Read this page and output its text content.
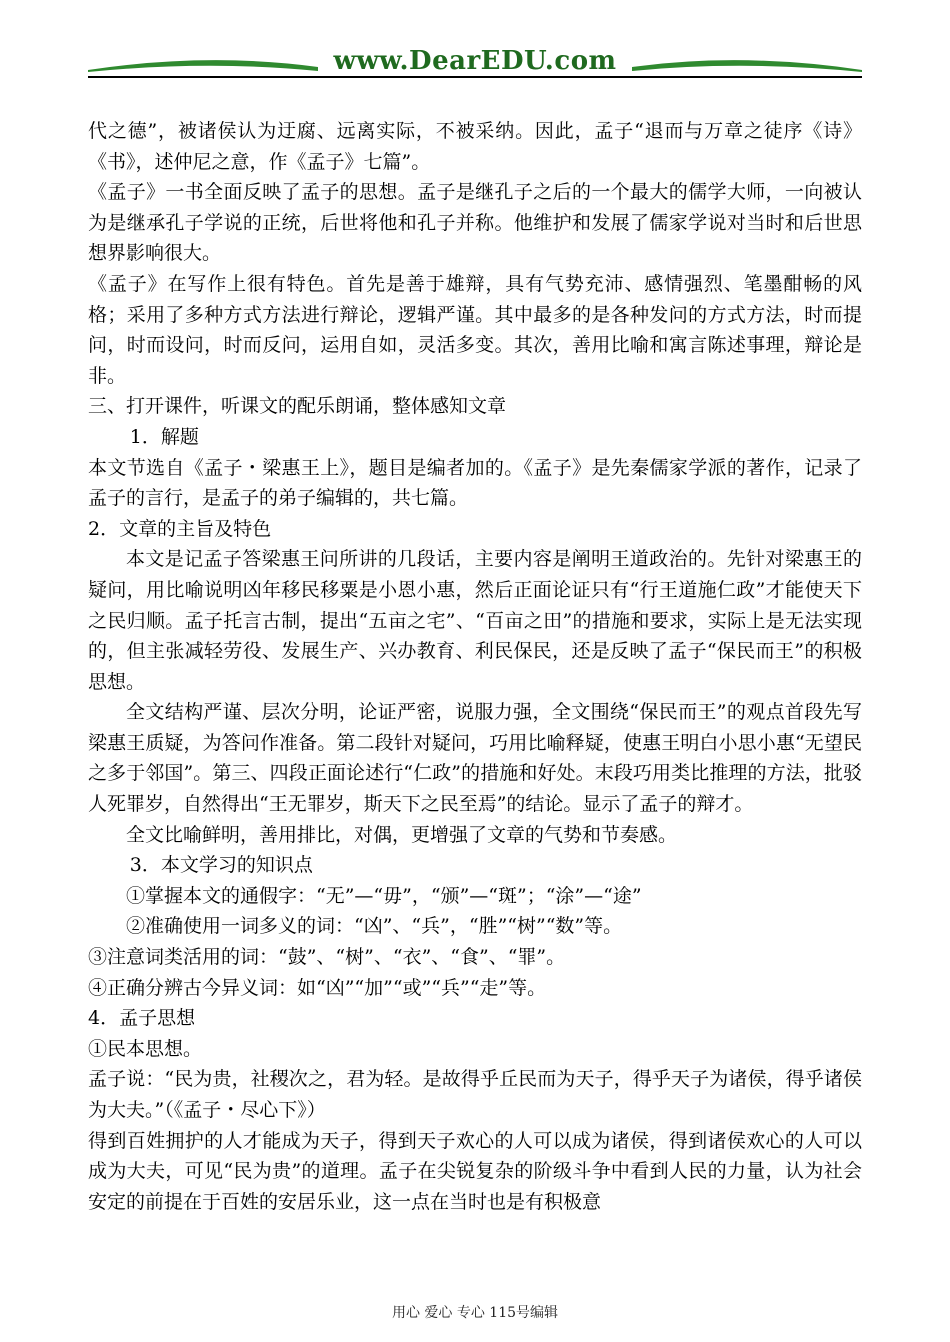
www.DearEDU.com

代之德”，被诸侯认为迂腐、远离实际，不被采纳。因此，孟子“退而与万章之徒序《诗》《书》，述仲尼之意，作《孟子》七篇”。

《孟子》一书全面反映了孟子的思想。孟子是继孔子之后的一个最大的儒学大师，一向被认为是继承孔子学说的正统，后世将他和孔子并称。他维护和发展了儒家学说对当时和后世思想界影响很大。

《孟子》在写作上很有特色。首先是善于雄辩，具有气势充沛、感情强烈、笔墨酣畅的风格；采用了多种方式方法进行辩论，逻辑严谨。其中最多的是各种发问的方式方法，时而提问，时而设问，时而反问，运用自如，灵活多变。其次，善用比喻和寓言陈述事理，辩论是非。

三、打开课件，听课文的配乐朗诵，整体感知文章

1．解题

本文节选自《孟子・梁惠王上》，题目是编者加的。《孟子》是先秦儒家学派的著作，记录了孟子的言行，是孟子的弟子编辑的，共七篇。

2．文章的主旨及特色

本文是记孟子答梁惠王问所讲的几段话，主要内容是阐明王道政治的。先针对梁惠王的疑问，用比喻说明凶年移民移粟是小恩小惠，然后正面论证只有“行王道施仁政”才能使天下之民归顺。孟子托言古制，提出“五亩之宅”、“百亩之田”的措施和要求，实际上是无法实现的，但主张减轻劳役、发展生产、兴办教育、利民保民，还是反映了孟子“保民而王”的积极思想。

全文结构严谨、层次分明，论证严密，说服力强，全文围绕“保民而王”的观点首段先写梁惠王质疑，为答问作准备。第二段针对疑问，巧用比喻释疑，使惠王明白小思小惠“无望民之多于邻国”。第三、四段正面论述行“仁政”的措施和好处。末段巧用类比推理的方法，批驳人死罪岁，自然得出“王无罪岁，斯天下之民至焉”的结论。显示了孟子的辩才。

全文比喻鲜明，善用排比，对偶，更增强了文章的气势和节奏感。

3．本文学习的知识点

①掌握本文的通假字：“无”—“毋”，“颁”—“斑”；“涂”—“途”

②准确使用一词多义的词：“凶”、“兵”，“胜”“树”“数”等。

③注意词类活用的词：“鼓”、“树”、“衣”、“食”、“罪”。

④正确分辨古今异义词：如“凶”“加”“或”“兵”“走”等。

4．孟子思想

①民本思想。

孟子说：“民为贵，社稷次之，君为轻。是故得乎丘民而为天子，得乎天子为诸侯，得乎诸侯为大夫。”（《孟子・尽心下》）

得到百姓拥护的人才能成为天子，得到天子欢心的人可以成为诸侯，得到诸侯欢心的人可以成为大夫，可见“民为贵”的道理。孟子在尖锐复杂的阶级斗争中看到人民的力量，认为社会安定的前提在于百姓的安居乐业，这一点在当时也是有积极意

用心 爱心 专心 115号编辑
